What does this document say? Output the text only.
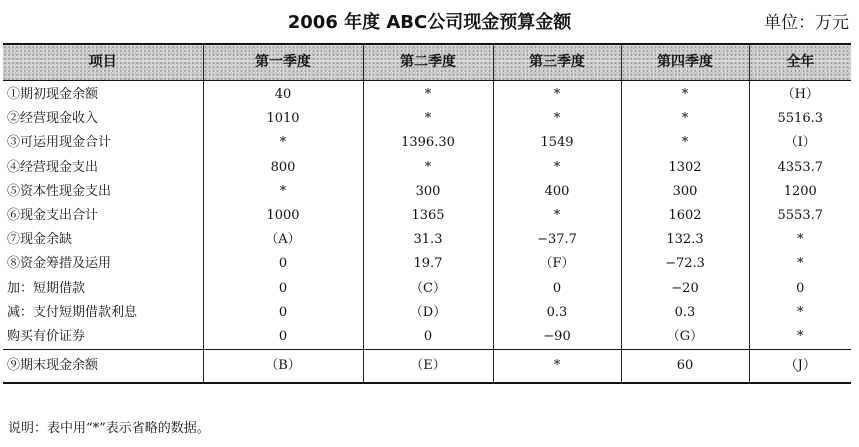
2006 年度 ABC公司现金预算金额	单位：万元
项目	第一季度	第二季度	第三季度	第四季度	全年
①期初现金余额	40	*	*	*	（H）
②经营现金收入	1010	*	*	*	5516.3
③可运用现金合计	*	1396.30	1549	*	（I）
④经营现金支出	800	*	*	1302	4353.7
⑤资本性现金支出	*	300	400	300	1200
⑥现金支出合计	1000	1365	*	1602	5553.7
⑦现金余缺	（A）	31.3	−37.7	132.3	*
⑧资金筹措及运用	0	19.7	（F）	−72.3	*
加：短期借款	0	（C）	0	−20	0
减：支付短期借款利息	0	（D）	0.3	0.3	*
购买有价证券	0	0	−90	（G）	*
⑨期末现金余额	（B）	（E）	*	60	（J）
说明：表中用“*”表示省略的数据。
